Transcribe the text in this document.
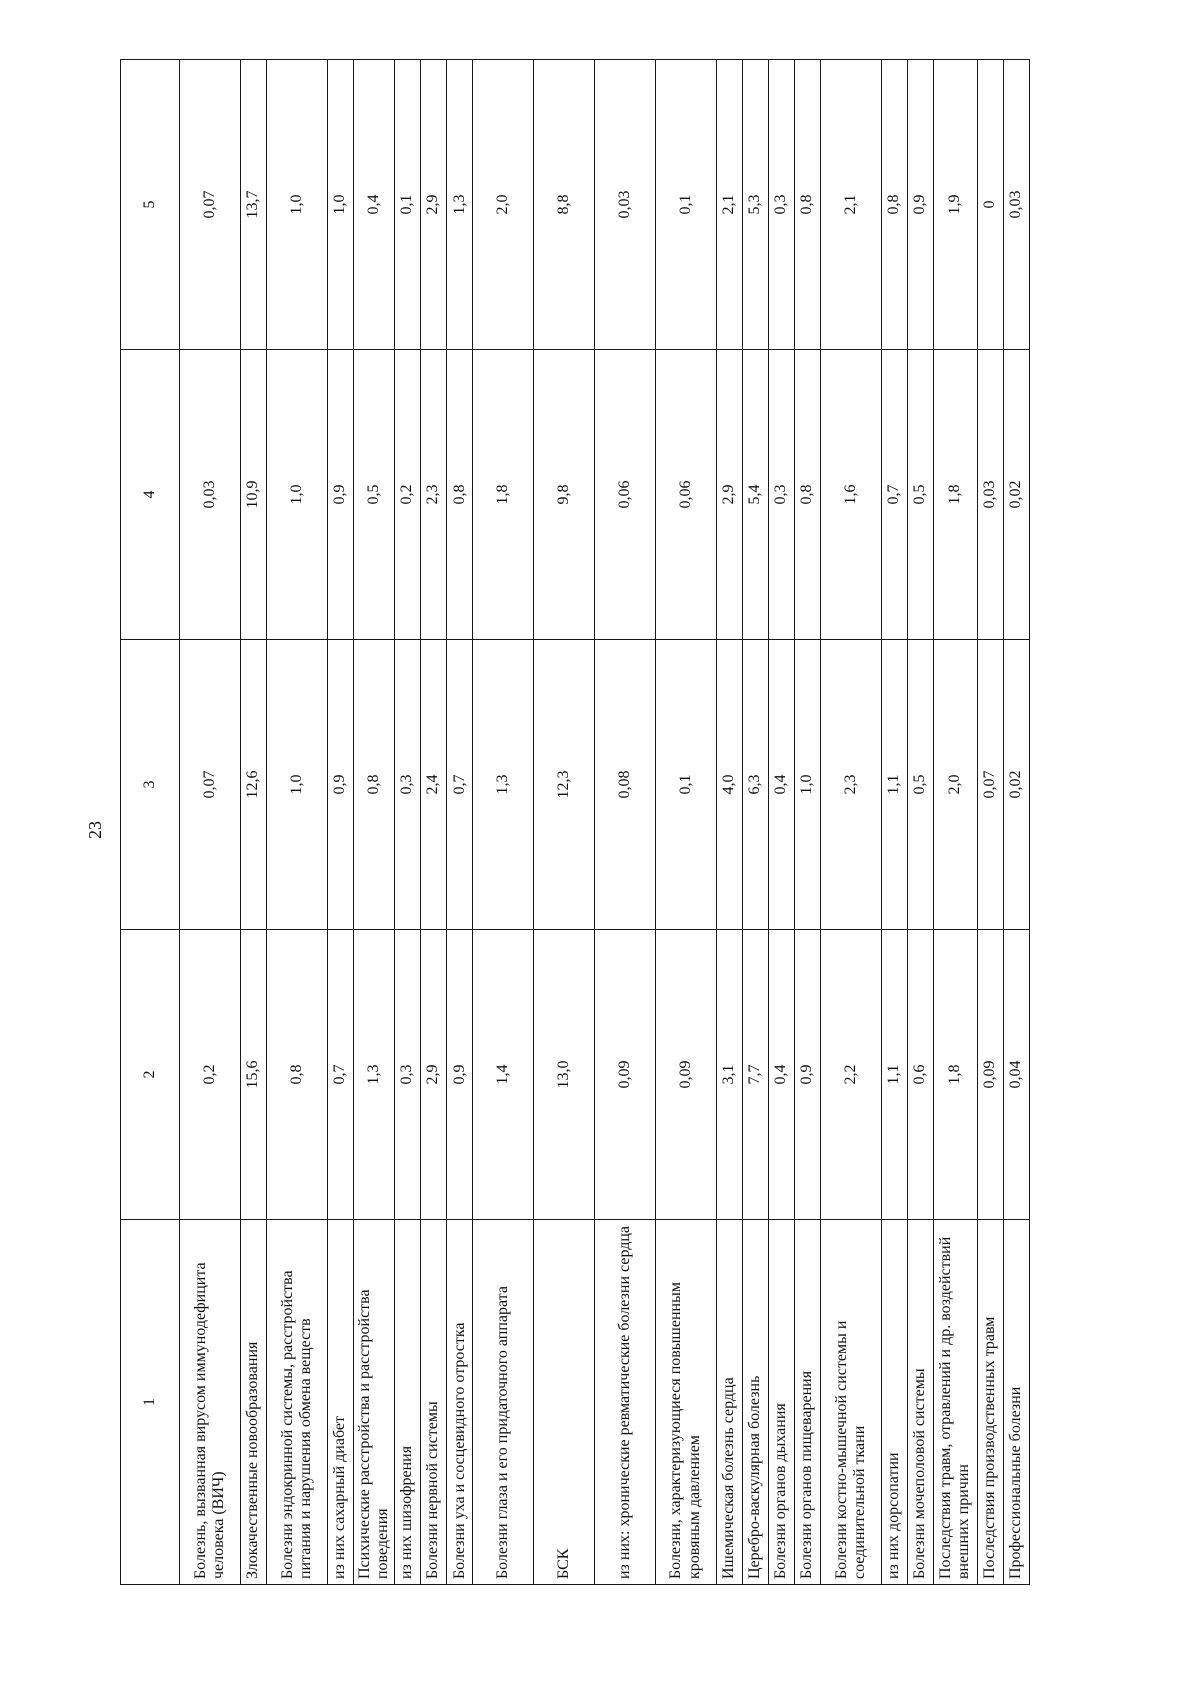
23
1	2	3	4	5
Болезнь, вызванная вирусом иммунодефицита человека (ВИЧ)	0,2	0,07	0,03	0,07
Злокачественные новообразования	15,6	12,6	10,9	13,7
Болезни эндокринной системы, расстройства питания и нарушения обмена веществ	0,8	1,0	1,0	1,0
из них сахарный диабет	0,7	0,9	0,9	1,0
Психические расстройства и расстройства поведения	1,3	0,8	0,5	0,4
из них шизофрения	0,3	0,3	0,2	0,1
Болезни нервной системы	2,9	2,4	2,3	2,9
Болезни уха и сосцевидного отростка	0,9	0,7	0,8	1,3
Болезни глаза и его придаточного аппарата	1,4	1,3	1,8	2,0
БСК	13,0	12,3	9,8	8,8
из них: хронические ревматические болезни сердца	0,09	0,08	0,06	0,03
Болезни, характеризующиеся повышенным кровяным давлением	0,09	0,1	0,06	0,1
Ишемическая болезнь сердца	3,1	4,0	2,9	2,1
Церебро-васкулярная болезнь	7,7	6,3	5,4	5,3
Болезни органов дыхания	0,4	0,4	0,3	0,3
Болезни органов пищеварения	0,9	1,0	0,8	0,8
Болезни костно-мышечной системы и соединительной ткани	2,2	2,3	1,6	2,1
из них дорсопатии	1,1	1,1	0,7	0,8
Болезни мочеполовой системы	0,6	0,5	0,5	0,9
Последствия травм, отравлений и др. воздействий внешних причин	1,8	2,0	1,8	1,9
Последствия производственных травм	0,09	0,07	0,03	0
Профессиональные болезни	0,04	0,02	0,02	0,03
